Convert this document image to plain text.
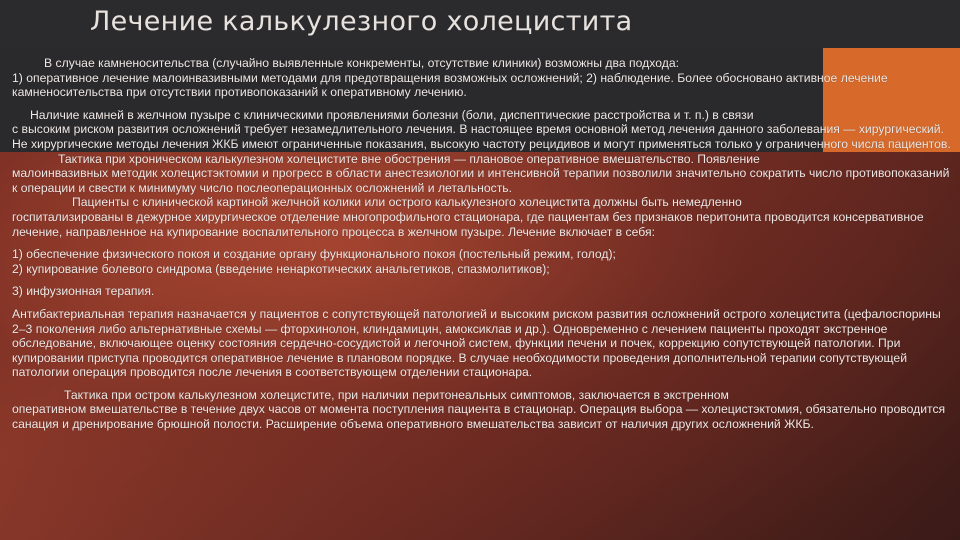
Лечение калькулезного холецистита

В случае камненосительства (случайно выявленные конкременты, отсутствие клиники) возможны два подхода:

1) оперативное лечение малоинвазивными методами для предотвращения возможных осложнений; 2) наблюдение. Более обосновано активное лечение камненосительства при отсутствии противопоказаний к оперативному лечению.

Наличие камней в желчном пузыре с клиническими проявлениями болезни (боли, диспептические расстройства и т. п.) в связи

с высоким риском развития осложнений требует незамедлительного лечения. В настоящее время основной метод лечения данного заболевания — хирургический. Не хирургические методы лечения ЖКБ имеют ограниченные показания, высокую частоту рецидивов и могут применяться только у ограниченного числа пациентов.

Тактика при хроническом калькулезном холецистите вне обострения — плановое оперативное вмешательство. Появление

малоинвазивных методик холецистэктомии и прогресс в области анестезиологии и интенсивной терапии позволили значительно сократить число противопоказаний к операции и свести к минимуму число послеоперационных осложнений и летальность.

Пациенты с клинической картиной желчной колики или острого калькулезного холецистита должны быть немедленно

госпитализированы в дежурное хирургическое отделение многопрофильного стационара, где пациентам без признаков перитонита проводится консервативное лечение, направленное на купирование воспалительного процесса в желчном пузыре. Лечение включает в себя:

1) обеспечение физического покоя и создание органу функционального покоя (постельный режим, голод);

2) купирование болевого синдрома (введение ненаркотических анальгетиков, спазмолитиков);

3) инфузионная терапия.

Антибактериальная терапия назначается у пациентов с сопутствующей патологией и высоким риском развития осложнений острого холецистита (цефалоспорины 2–3 поколения либо альтернативные схемы — фторхинолон, клиндамицин, амоксиклав и др.). Одновременно с лечением пациенты проходят экстренное обследование, включающее оценку состояния сердечно-сосудистой и легочной систем, функции печени и почек, коррекцию сопутствующей патологии. При купировании приступа проводится оперативное лечение в плановом порядке. В случае необходимости проведения дополнительной терапии сопутствующей патологии операция проводится после лечения в соответствующем отделении стационара.

Тактика при остром калькулезном холецистите, при наличии перитонеальных симптомов, заключается в экстренном

оперативном вмешательстве в течение двух часов от момента поступления пациента в стационар. Операция выбора — холецистэктомия, обязательно проводится санация и дренирование брюшной полости. Расширение объема оперативного вмешательства зависит от наличия других осложнений ЖКБ.
